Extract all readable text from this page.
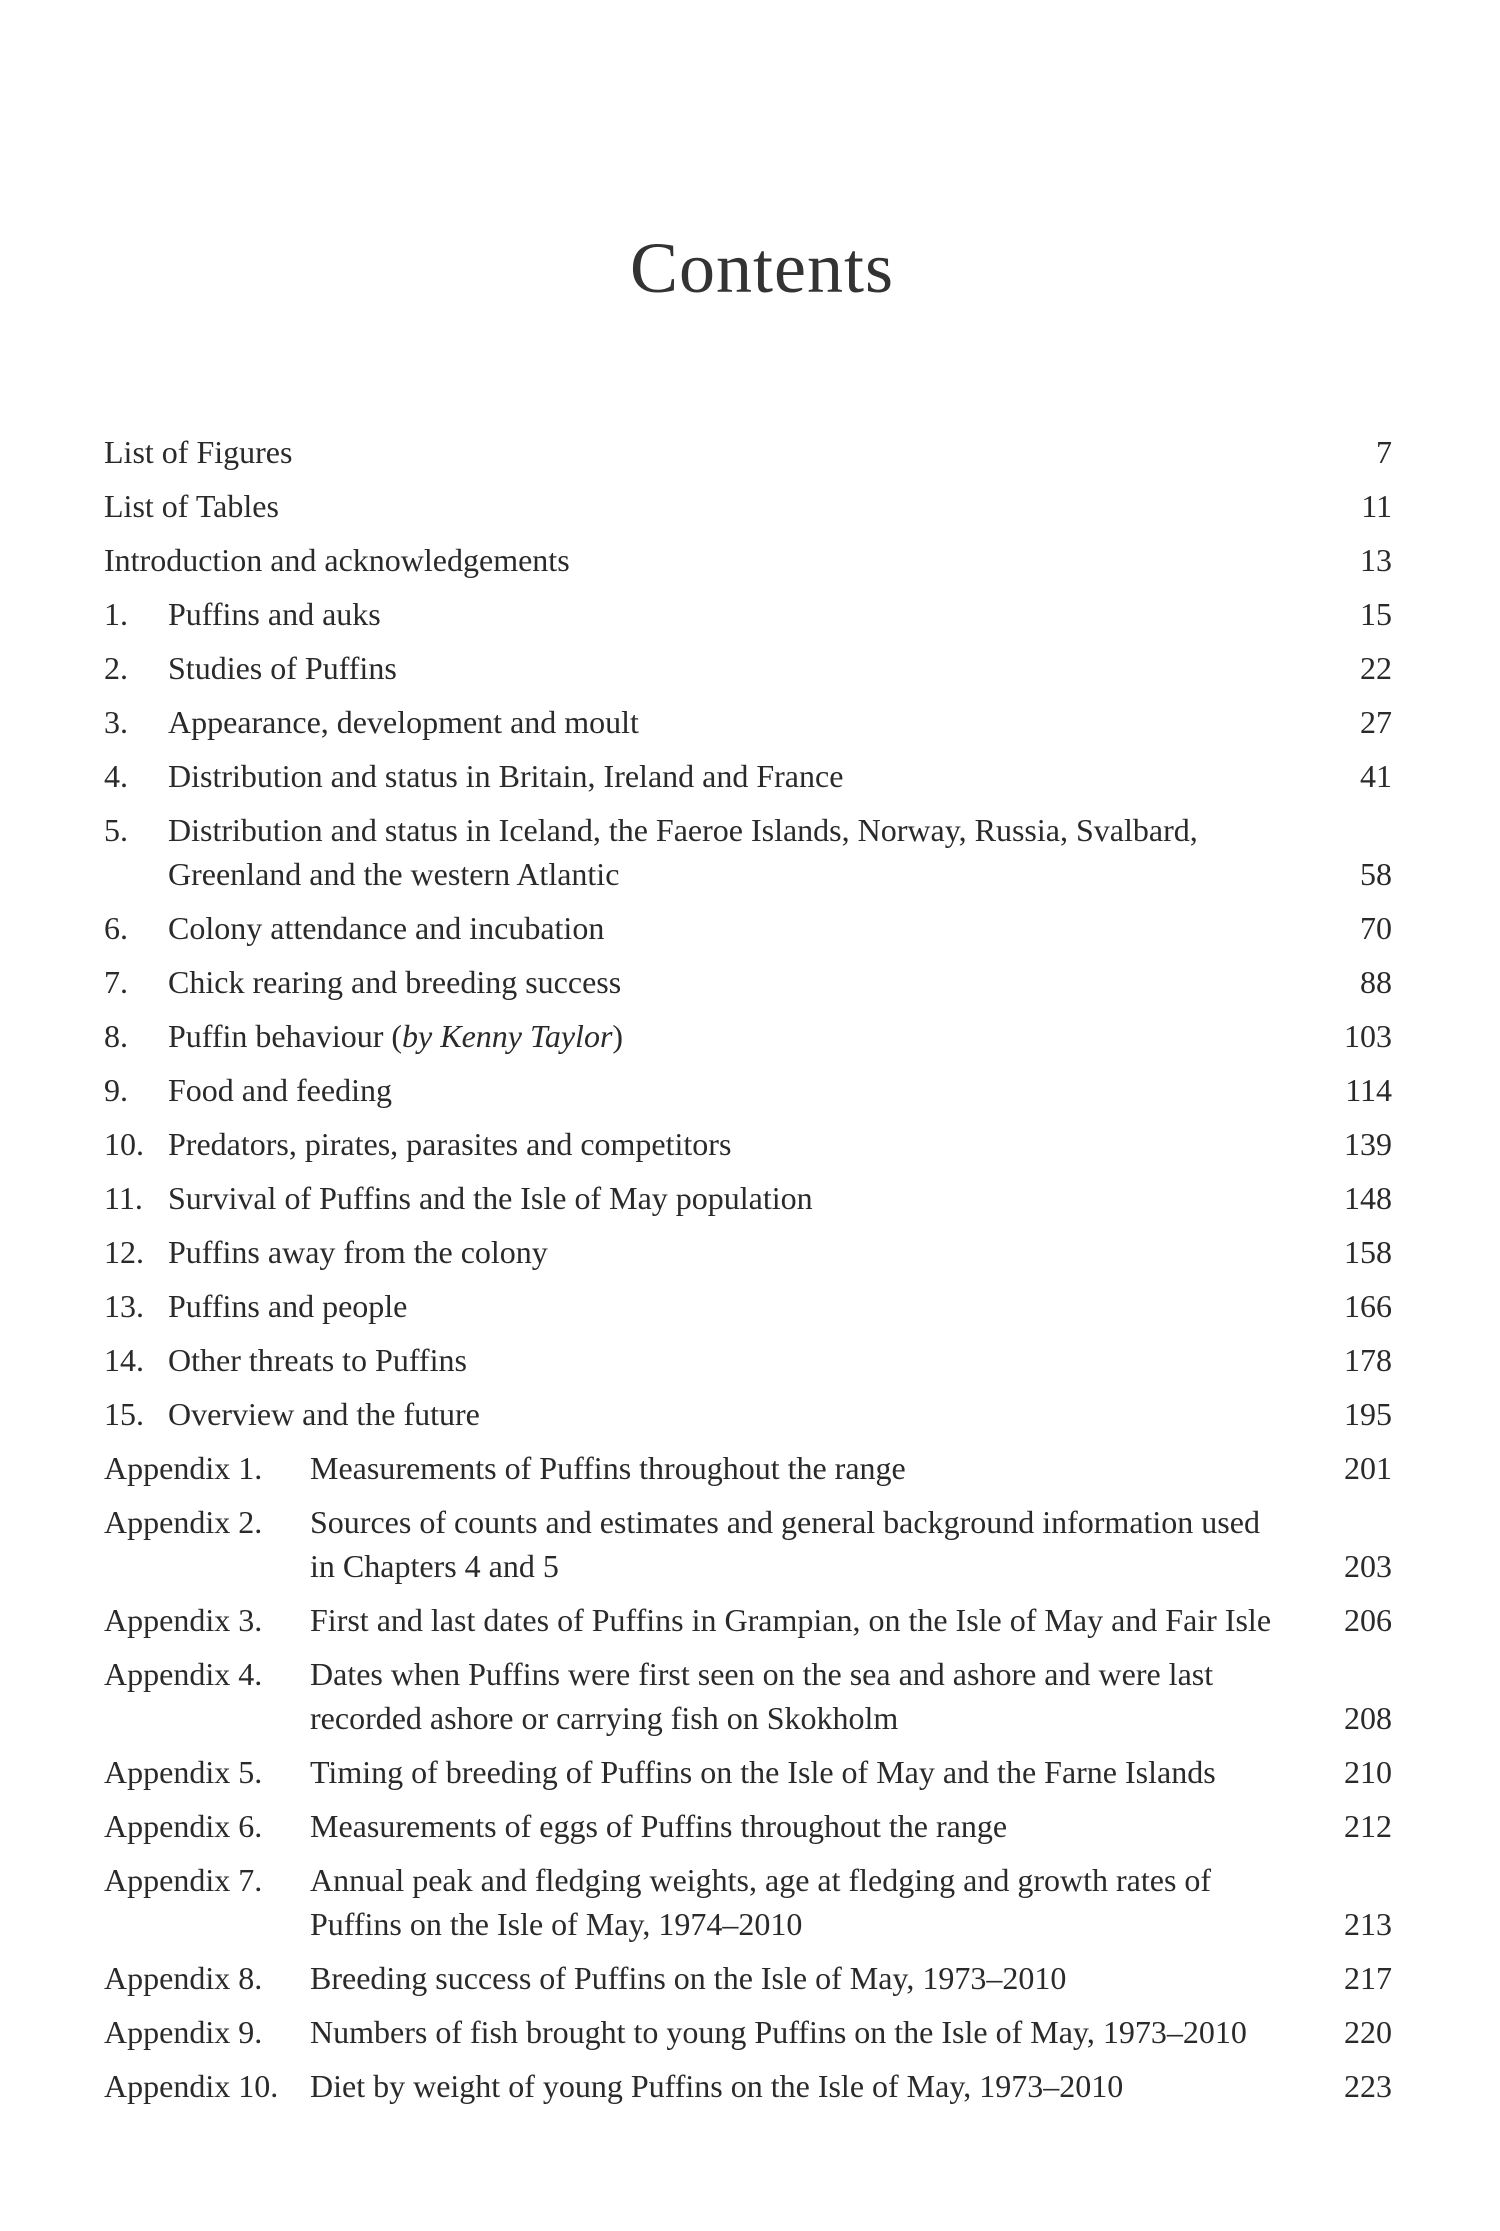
Contents
List of Figures	7
List of Tables	11
Introduction and acknowledgements	13
1.	Puffins and auks	15
2.	Studies of Puffins	22
3.	Appearance, development and moult	27
4.	Distribution and status in Britain, Ireland and France	41
5.	Distribution and status in Iceland, the Faeroe Islands, Norway, Russia, Svalbard, Greenland and the western Atlantic	58
6.	Colony attendance and incubation	70
7.	Chick rearing and breeding success	88
8.	Puffin behaviour (by Kenny Taylor)	103
9.	Food and feeding	114
10. Predators, pirates, parasites and competitors	139
11. Survival of Puffins and the Isle of May population	148
12. Puffins away from the colony	158
13. Puffins and people	166
14. Other threats to Puffins	178
15. Overview and the future	195
Appendix 1.	Measurements of Puffins throughout the range	201
Appendix 2.	Sources of counts and estimates and general background information used in Chapters 4 and 5	203
Appendix 3.	First and last dates of Puffins in Grampian, on the Isle of May and Fair Isle	206
Appendix 4.	Dates when Puffins were first seen on the sea and ashore and were last recorded ashore or carrying fish on Skokholm	208
Appendix 5.	Timing of breeding of Puffins on the Isle of May and the Farne Islands	210
Appendix 6.	Measurements of eggs of Puffins throughout the range	212
Appendix 7.	Annual peak and fledging weights, age at fledging and growth rates of Puffins on the Isle of May, 1974–2010	213
Appendix 8.	Breeding success of Puffins on the Isle of May, 1973–2010	217
Appendix 9.	Numbers of fish brought to young Puffins on the Isle of May, 1973–2010	220
Appendix 10. Diet by weight of young Puffins on the Isle of May, 1973–2010	223
